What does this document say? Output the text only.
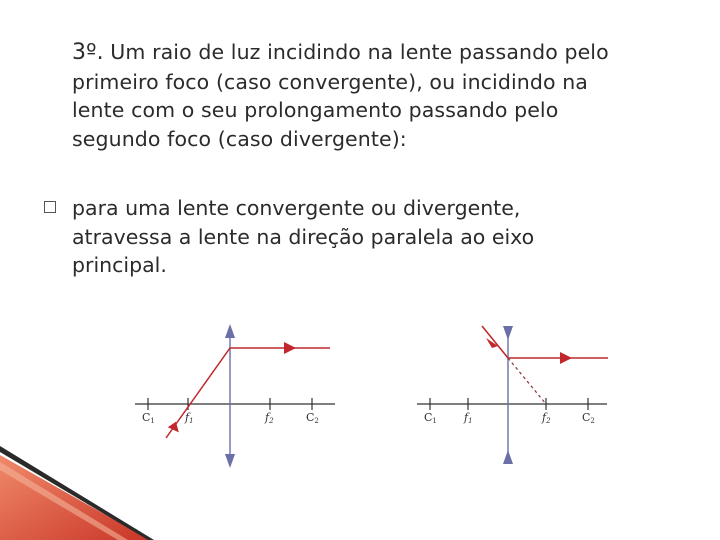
3º. Um raio de luz incidindo na lente passando pelo
primeiro foco (caso convergente), ou incidindo na
lente com o seu prolongamento passando pelo
segundo foco (caso divergente):
para uma lente convergente ou divergente,
atravessa a lente na direção paralela ao eixo
principal.
C1	f1	f2	C2	C1 f1	f2	C2
